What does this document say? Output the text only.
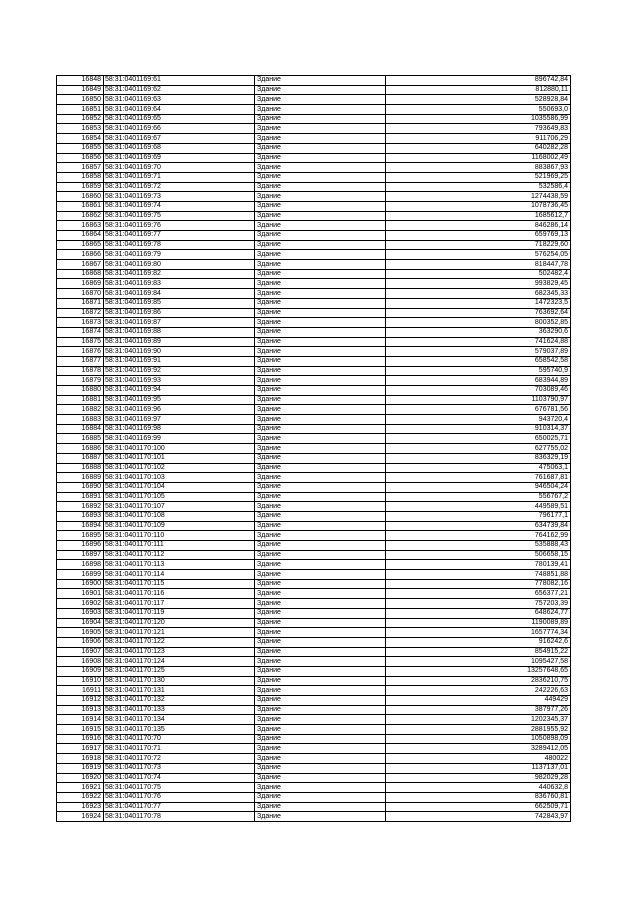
16848	58:31:0401169:61	Здание	896742,84
16849	58:31:0401169:62	Здание	812880,11
16850	58:31:0401169:63	Здание	528928,84
16851	58:31:0401169:64	Здание	550693,0
16852	58:31:0401169:65	Здание	1035586,99
16853	58:31:0401169:66	Здание	793649,83
16854	58:31:0401169:67	Здание	911706,29
16855	58:31:0401169:68	Здание	640282,28
16856	58:31:0401169:69	Здание	1168002,49
16857	58:31:0401169:70	Здание	883867,93
16858	58:31:0401169:71	Здание	521969,25
16859	58:31:0401169:72	Здание	532586,4
16860	58:31:0401169:73	Здание	1274438,59
16861	58:31:0401169:74	Здание	1078736,45
16862	58:31:0401169:75	Здание	1685612,7
16863	58:31:0401169:76	Здание	846286,14
16864	58:31:0401169:77	Здание	659769,13
16865	58:31:0401169:78	Здание	718229,60
16866	58:31:0401169:79	Здание	576254,05
16867	58:31:0401169:80	Здание	818447,78
16868	58:31:0401169:82	Здание	502482,4
16869	58:31:0401169:83	Здание	993829,45
16870	58:31:0401169:84	Здание	682345,33
16871	58:31:0401169:85	Здание	1472323,5
16872	58:31:0401169:86	Здание	763692,64
16873	58:31:0401169:87	Здание	800352,85
16874	58:31:0401169:88	Здание	363290,6
16875	58:31:0401169:89	Здание	741624,88
16876	58:31:0401169:90	Здание	579037,89
16877	58:31:0401169:91	Здание	658542,58
16878	58:31:0401169:92	Здание	595740,9
16879	58:31:0401169:93	Здание	683944,89
16880	58:31:0401169:94	Здание	703089,46
16881	58:31:0401169:95	Здание	1103790,97
16882	58:31:0401169:96	Здание	676781,56
16883	58:31:0401169:97	Здание	943720,4
16884	58:31:0401169:98	Здание	910314,37
16885	58:31:0401169:99	Здание	650025,71
16886	58:31:0401170:100	Здание	627755,02
16887	58:31:0401170:101	Здание	836329,19
16888	58:31:0401170:102	Здание	475063,1
16889	58:31:0401170:103	Здание	761687,81
16890	58:31:0401170:104	Здание	946504,24
16891	58:31:0401170:105	Здание	556767,2
16892	58:31:0401170:107	Здание	449589,51
16893	58:31:0401170:108	Здание	796177,1
16894	58:31:0401170:109	Здание	634739,84
16895	58:31:0401170:110	Здание	764162,99
16896	58:31:0401170:111	Здание	535888,43
16897	58:31:0401170:112	Здание	506658,15
16898	58:31:0401170:113	Здание	780139,41
16899	58:31:0401170:114	Здание	748851,88
16900	58:31:0401170:115	Здание	778082,16
16901	58:31:0401170:116	Здание	656377,21
16902	58:31:0401170:117	Здание	757203,39
16903	58:31:0401170:119	Здание	648624,77
16904	58:31:0401170:120	Здание	1190089,89
16905	58:31:0401170:121	Здание	1657774,34
16906	58:31:0401170:122	Здание	916242,6
16907	58:31:0401170:123	Здание	854915,22
16908	58:31:0401170:124	Здание	1095427,58
16909	58:31:0401170:125	Здание	13257648,65
16910	58:31:0401170:130	Здание	2836210,75
16911	58:31:0401170:131	Здание	242226,63
16912	58:31:0401170:132	Здание	449429
16913	58:31:0401170:133	Здание	387977,26
16914	58:31:0401170:134	Здание	1202345,37
16915	58:31:0401170:135	Здание	2881955,92
16916	58:31:0401170:70	Здание	1050898,09
16917	58:31:0401170:71	Здание	3289412,05
16918	58:31:0401170:72	Здание	480022
16919	58:31:0401170:73	Здание	1137137,01
16920	58:31:0401170:74	Здание	982029,28
16921	58:31:0401170:75	Здание	440632,8
16922	58:31:0401170:76	Здание	836760,81
16923	58:31:0401170:77	Здание	662509,71
16924	58:31:0401170:78	Здание	742843,97
